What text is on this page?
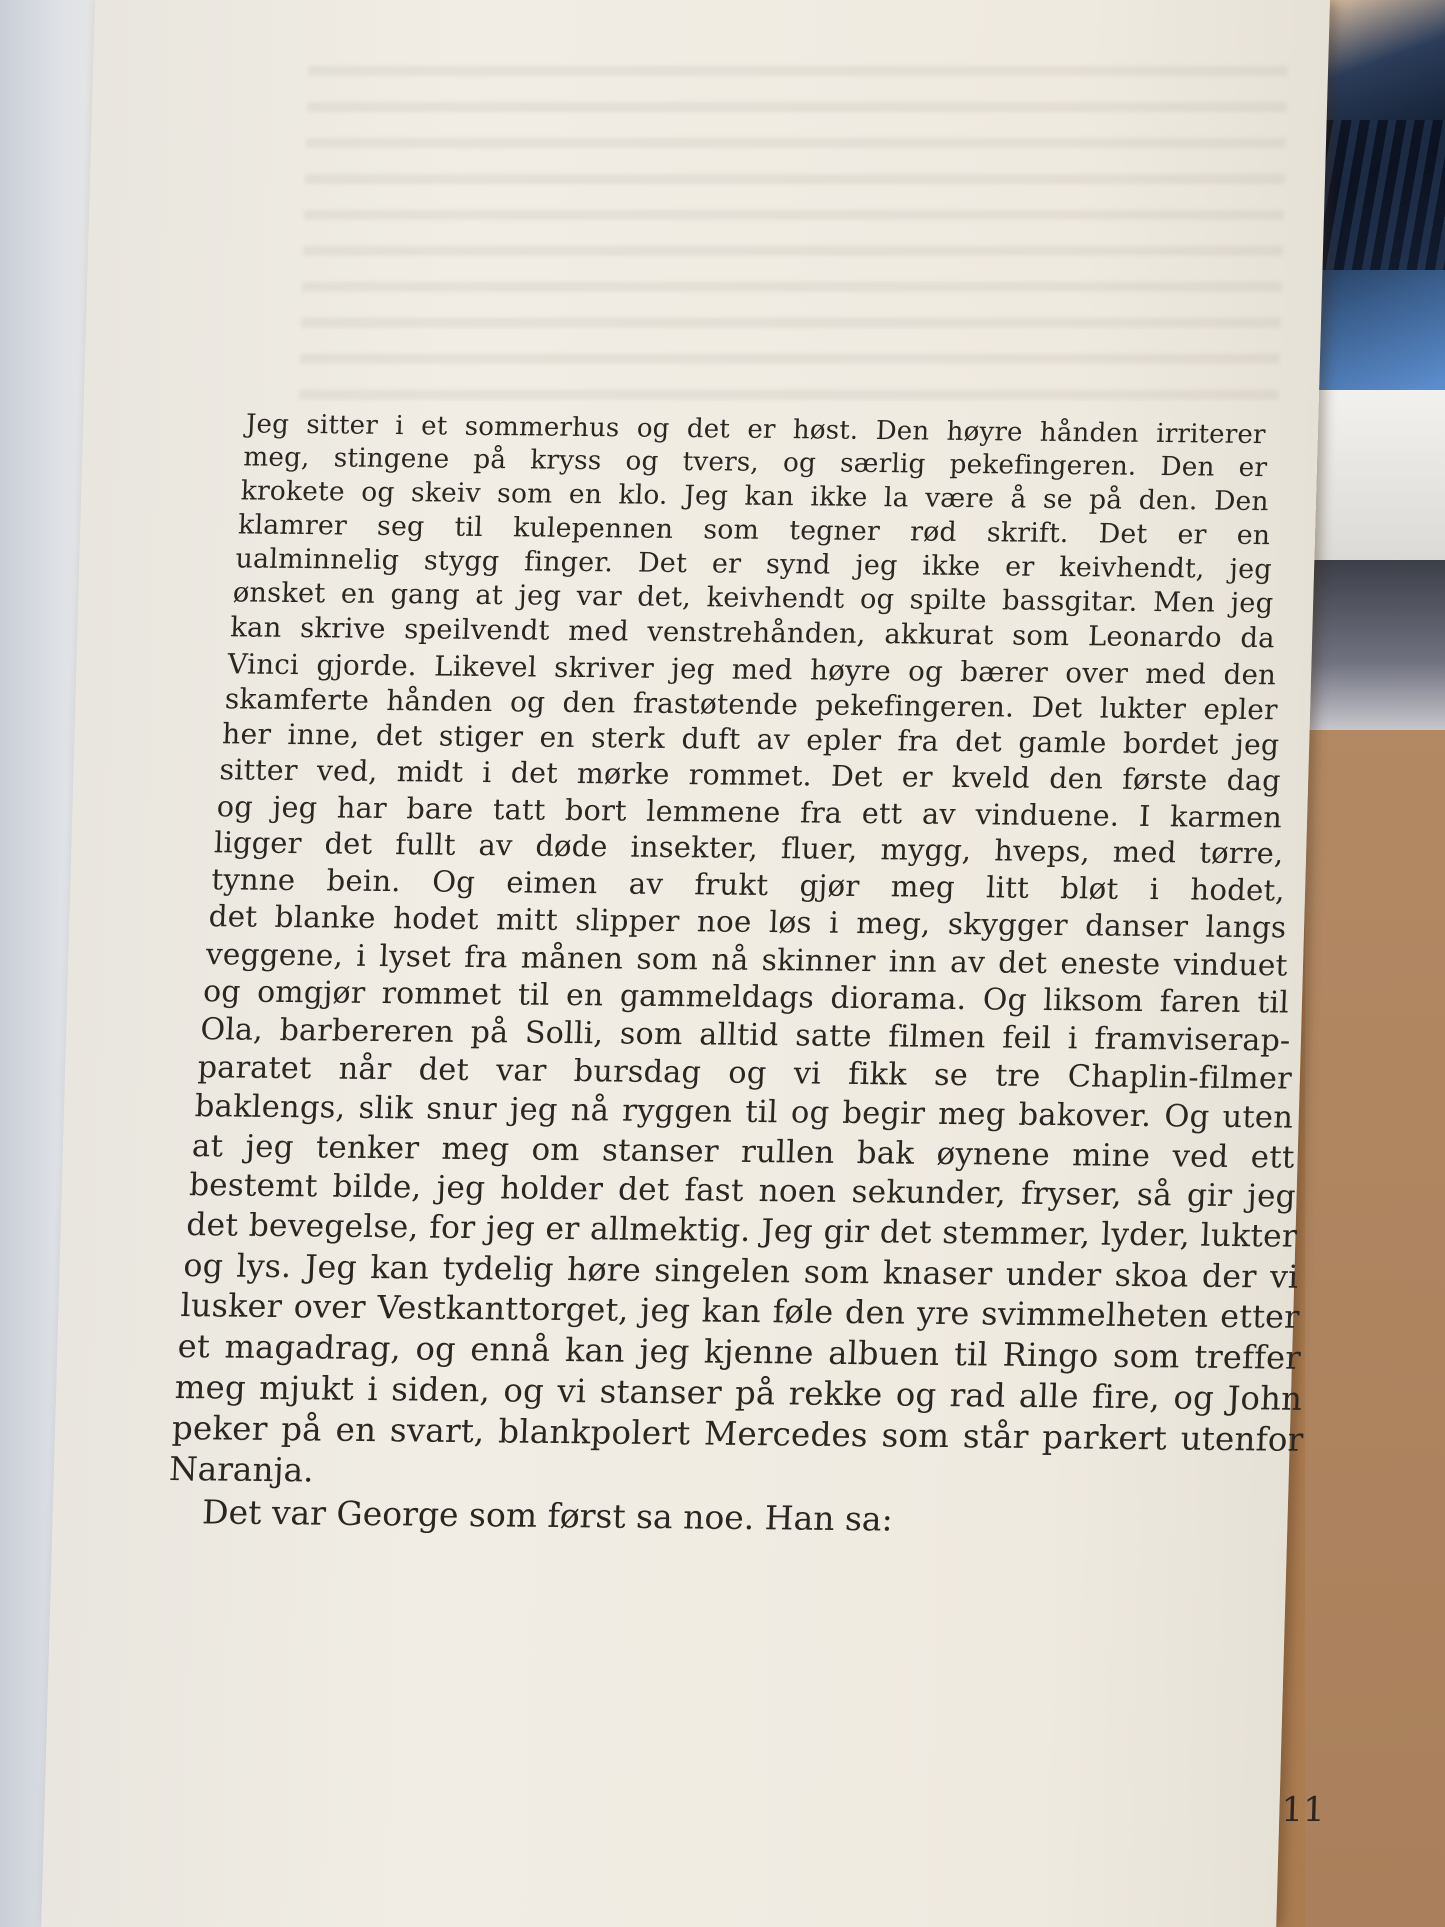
Jeg sitter i et sommerhus og det er høst. Den høyre hånden irriterer
meg, stingene på kryss og tvers, og særlig pekefingeren. Den er
krokete og skeiv som en klo. Jeg kan ikke la være å se på den. Den
klamrer seg til kulepennen som tegner rød skrift. Det er en
ualminnelig stygg finger. Det er synd jeg ikke er keivhendt, jeg
ønsket en gang at jeg var det, keivhendt og spilte bassgitar. Men jeg
kan skrive speilvendt med venstrehånden, akkurat som Leonardo da
Vinci gjorde. Likevel skriver jeg med høyre og bærer over med den
skamferte hånden og den frastøtende pekefingeren. Det lukter epler
her inne, det stiger en sterk duft av epler fra det gamle bordet jeg
sitter ved, midt i det mørke rommet. Det er kveld den første dag
og jeg har bare tatt bort lemmene fra ett av vinduene. I karmen
ligger det fullt av døde insekter, fluer, mygg, hveps, med tørre,
tynne bein. Og eimen av frukt gjør meg litt bløt i hodet,
det blanke hodet mitt slipper noe løs i meg, skygger danser langs
veggene, i lyset fra månen som nå skinner inn av det eneste vinduet
og omgjør rommet til en gammeldags diorama. Og liksom faren til
Ola, barbereren på Solli, som alltid satte filmen feil i framviserap-
paratet når det var bursdag og vi fikk se tre Chaplin-filmer
baklengs, slik snur jeg nå ryggen til og begir meg bakover. Og uten
at jeg tenker meg om stanser rullen bak øynene mine ved ett
bestemt bilde, jeg holder det fast noen sekunder, fryser, så gir jeg
det bevegelse, for jeg er allmektig. Jeg gir det stemmer, lyder, lukter
og lys. Jeg kan tydelig høre singelen som knaser under skoa der vi
lusker over Vestkanttorget, jeg kan føle den yre svimmelheten etter
et magadrag, og ennå kan jeg kjenne albuen til Ringo som treffer
meg mjukt i siden, og vi stanser på rekke og rad alle fire, og John
peker på en svart, blankpolert Mercedes som står parkert utenfor
Naranja.
Det var George som først sa noe. Han sa:
11
